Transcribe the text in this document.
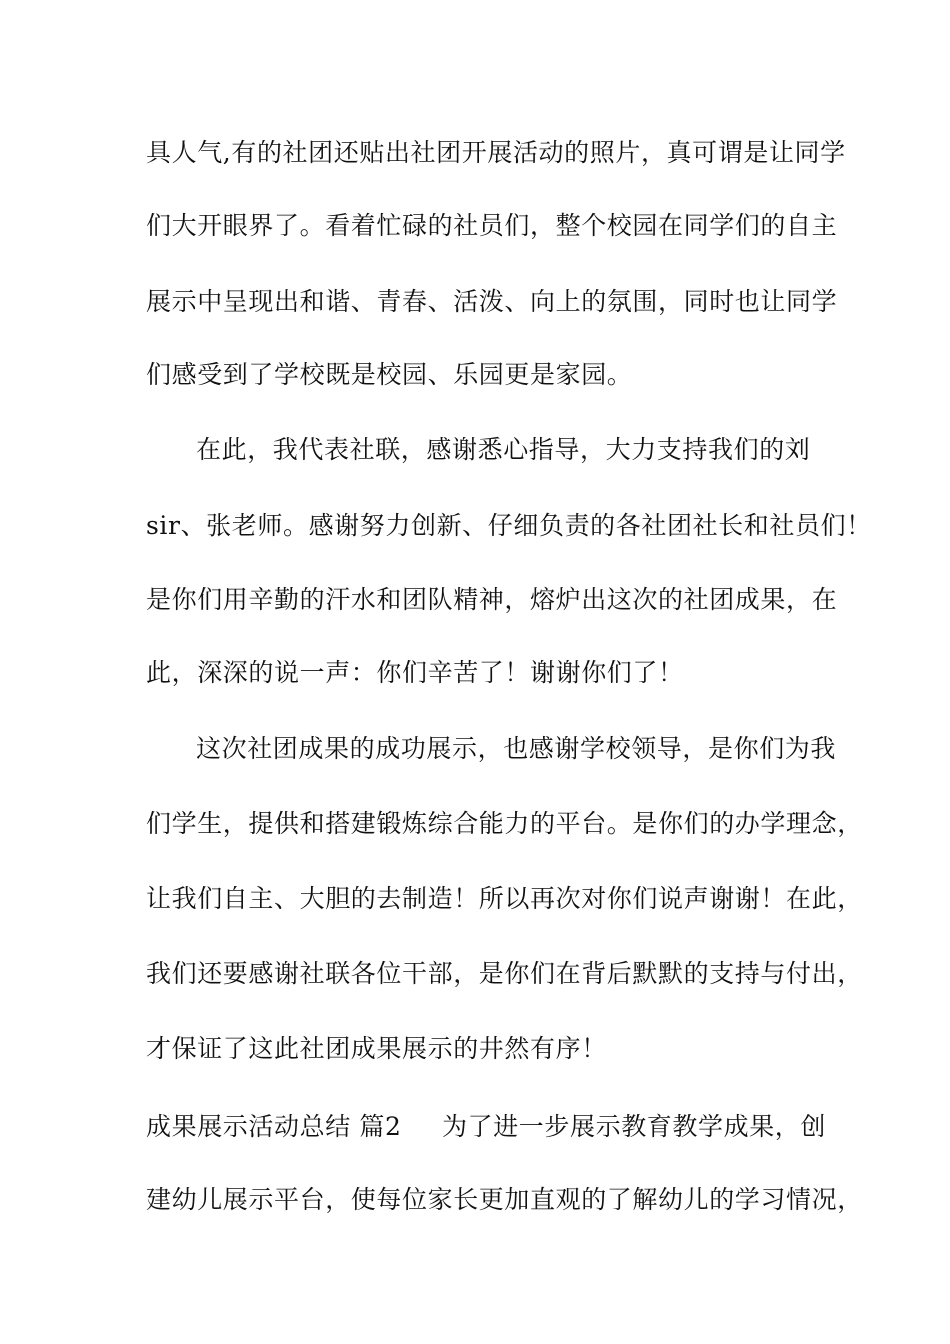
具人气,有的社团还贴出社团开展活动的照片，真可谓是让同学
们大开眼界了。看着忙碌的社员们，整个校园在同学们的自主
展示中呈现出和谐、青春、活泼、向上的氛围，同时也让同学
们感受到了学校既是校园、乐园更是家园。
在此，我代表社联，感谢悉心指导，大力支持我们的刘
sir、张老师。感谢努力创新、仔细负责的各社团社长和社员们！
是你们用辛勤的汗水和团队精神，熔炉出这次的社团成果，在
此，深深的说一声：你们辛苦了！谢谢你们了！
这次社团成果的成功展示，也感谢学校领导，是你们为我
们学生，提供和搭建锻炼综合能力的平台。是你们的办学理念，
让我们自主、大胆的去制造！所以再次对你们说声谢谢！在此，
我们还要感谢社联各位干部，是你们在背后默默的支持与付出，
才保证了这此社团成果展示的井然有序！
成果展示活动总结 篇2 为了进一步展示教育教学成果，创
建幼儿展示平台，使每位家长更加直观的了解幼儿的学习情况，
